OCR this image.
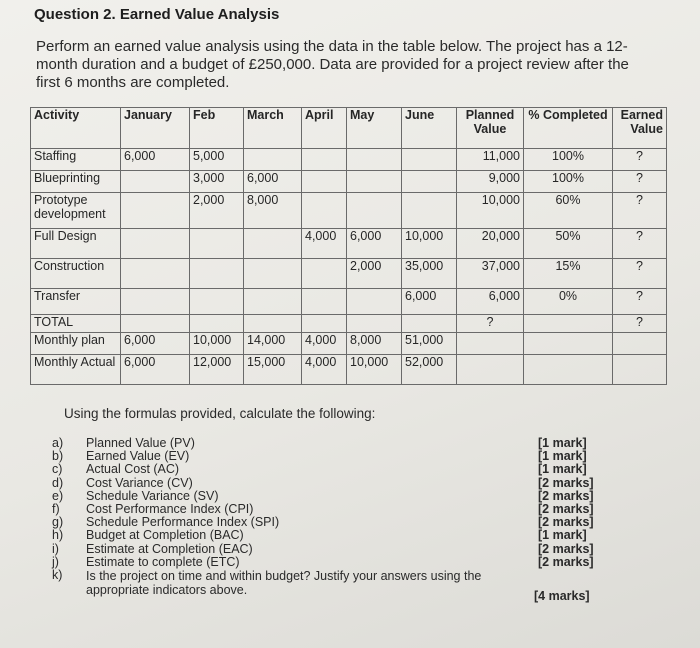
Question 2. Earned Value Analysis
Perform an earned value analysis using the data in the table below. The project has a 12-month duration and a budget of £250,000. Data are provided for a project review after the first 6 months are completed.
Activity	January	Feb	March	April	May	June	Planned Value	% Completed	Earned Value
Staffing	6,000	5,000					11,000	100%	?
Blueprinting		3,000	6,000				9,000	100%	?
Prototype development		2,000	8,000				10,000	60%	?
Full Design				4,000	6,000	10,000	20,000	50%	?
Construction					2,000	35,000	37,000	15%	?
Transfer						6,000	6,000	0%	?
TOTAL							?		?
Monthly plan	6,000	10,000	14,000	4,000	8,000	51,000			
Monthly Actual	6,000	12,000	15,000	4,000	10,000	52,000			
Using the formulas provided, calculate the following:
a)	Planned Value (PV)	[1 mark]
b)	Earned Value (EV)	[1 mark]
c)	Actual Cost (AC)	[1 mark]
d)	Cost Variance (CV)	[2 marks]
e)	Schedule Variance (SV)	[2 marks]
f)	Cost Performance Index (CPI)	[2 marks]
g)	Schedule Performance Index (SPI)	[2 marks]
h)	Budget at Completion (BAC)	[1 mark]
i)	Estimate at Completion (EAC)	[2 marks]
j)	Estimate to complete (ETC)	[2 marks]
k)	Is the project on time and within budget? Justify your answers using the appropriate indicators above.	[4 marks]
